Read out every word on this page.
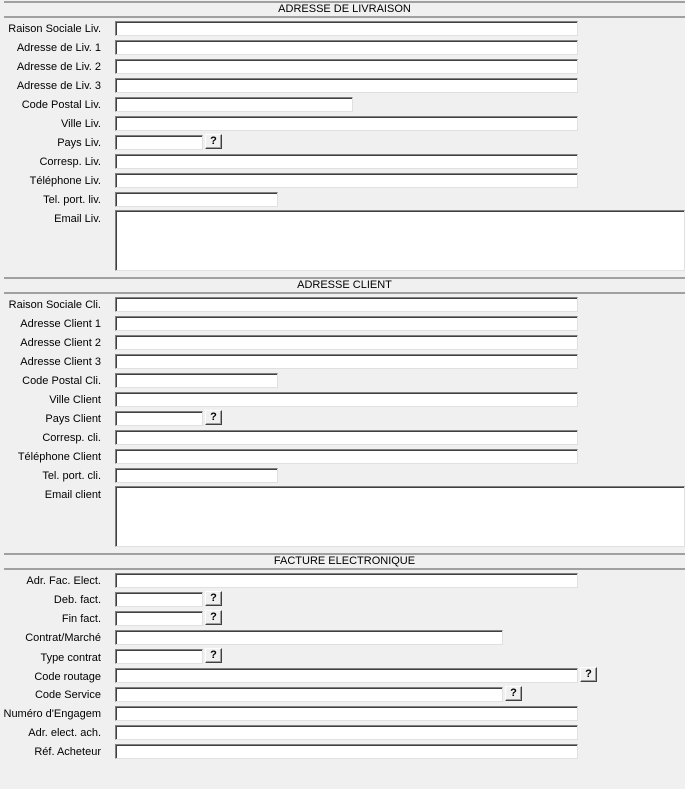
ADRESSE DE LIVRAISON
Raison Sociale Liv.
Adresse de Liv. 1
Adresse de Liv. 2
Adresse de Liv. 3
Code Postal Liv.
Ville Liv.
Pays Liv.	?
Corresp. Liv.
Téléphone Liv.
Tel. port. liv.
Email Liv.
ADRESSE CLIENT
Raison Sociale Cli.
Adresse Client 1
Adresse Client 2
Adresse Client 3
Code Postal Cli.
Ville Client
Pays Client	?
Corresp. cli.
Téléphone Client
Tel. port. cli.
Email client
FACTURE ELECTRONIQUE
Adr. Fac. Elect.
Deb. fact.	?
Fin fact.	?
Contrat/Marché
Type contrat	?
Code routage	?
Code Service	?
Numéro d'Engagem
Adr. elect. ach.
Réf. Acheteur
